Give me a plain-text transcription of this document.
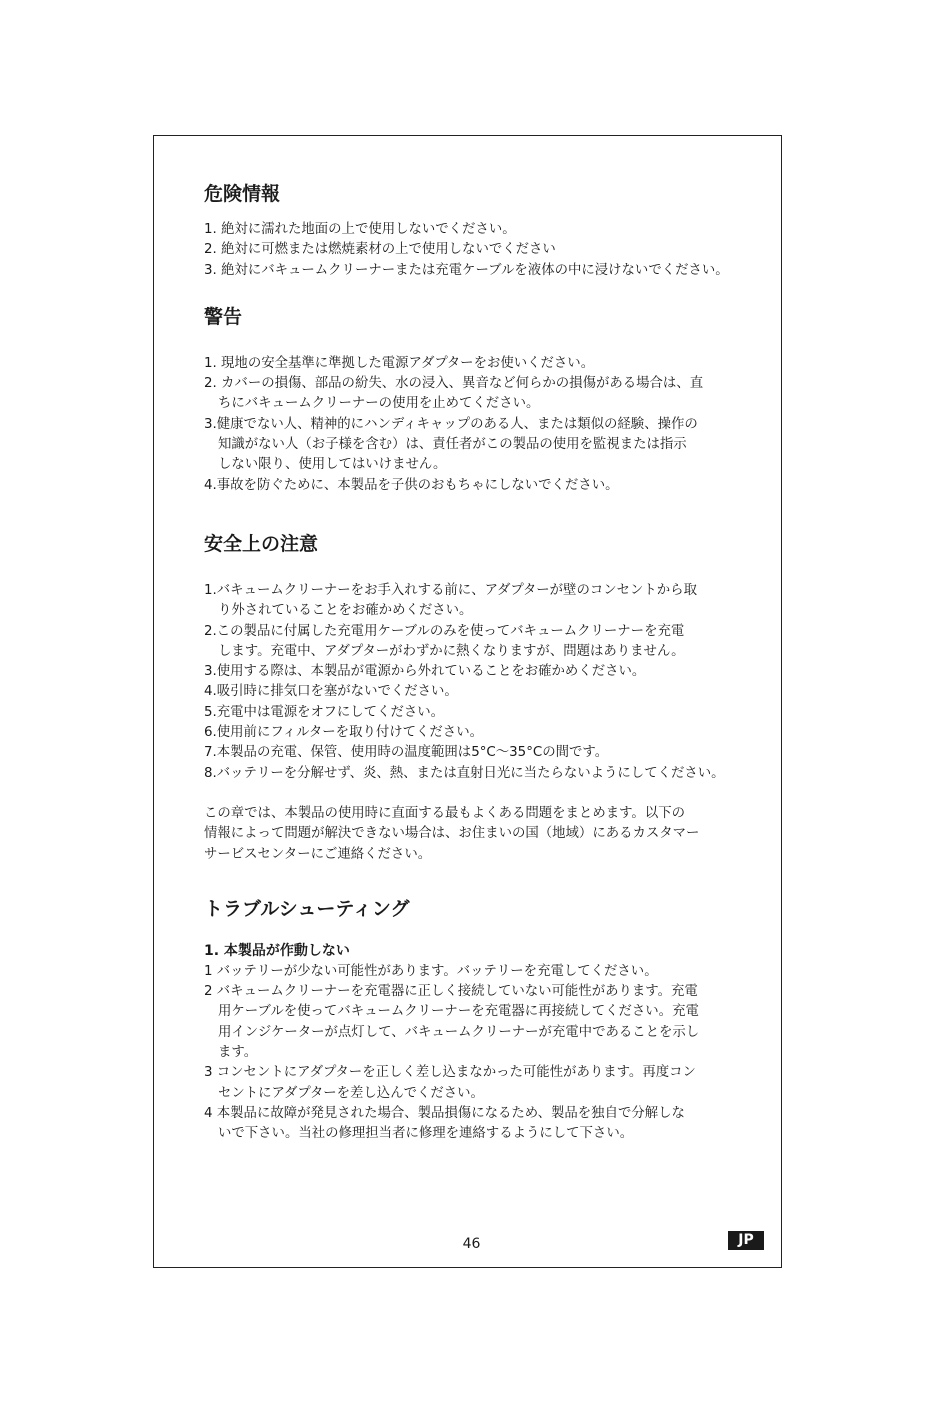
危険情報
1. 絶対に濡れた地面の上で使用しないでください。
2. 絶対に可燃または燃焼素材の上で使用しないでください
3. 絶対にバキュームクリーナーまたは充電ケーブルを液体の中に浸けないでください。
警告
1. 現地の安全基準に準拠した電源アダプターをお使いください。
2. カバーの損傷、部品の紛失、水の浸入、異音など何らかの損傷がある場合は、直
ちにバキュームクリーナーの使用を止めてください。
3.健康でない人、精神的にハンディキャップのある人、または類似の経験、操作の
知識がない人（お子様を含む）は、責任者がこの製品の使用を監視または指示
しない限り、使用してはいけません。
4.事故を防ぐために、本製品を子供のおもちゃにしないでください。
安全上の注意
1.バキュームクリーナーをお手入れする前に、アダプターが壁のコンセントから取
り外されていることをお確かめください。
2.この製品に付属した充電用ケーブルのみを使ってバキュームクリーナーを充電
します。充電中、アダプターがわずかに熱くなりますが、問題はありません。
3.使用する際は、本製品が電源から外れていることをお確かめください。
4.吸引時に排気口を塞がないでください。
5.充電中は電源をオフにしてください。
6.使用前にフィルターを取り付けてください。
7.本製品の充電、保管、使用時の温度範囲は5°C～35°Cの間です。
8.バッテリーを分解せず、炎、熱、または直射日光に当たらないようにしてください。

この章では、本製品の使用時に直面する最もよくある問題をまとめます。以下の
情報によって問題が解決できない場合は、お住まいの国（地域）にあるカスタマー
サービスセンターにご連絡ください。

トラブルシューティング
1. 本製品が作動しない
1 バッテリーが少ない可能性があります。バッテリーを充電してください。
2 バキュームクリーナーを充電器に正しく接続していない可能性があります。充電
用ケーブルを使ってバキュームクリーナーを充電器に再接続してください。充電
用インジケーターが点灯して、バキュームクリーナーが充電中であることを示し
ます。
3 コンセントにアダプターを正しく差し込まなかった可能性があります。再度コン
セントにアダプターを差し込んでください。
4 本製品に故障が発見された場合、製品損傷になるため、製品を独自で分解しな
いで下さい。当社の修理担当者に修理を連絡するようにして下さい。
46	JP
